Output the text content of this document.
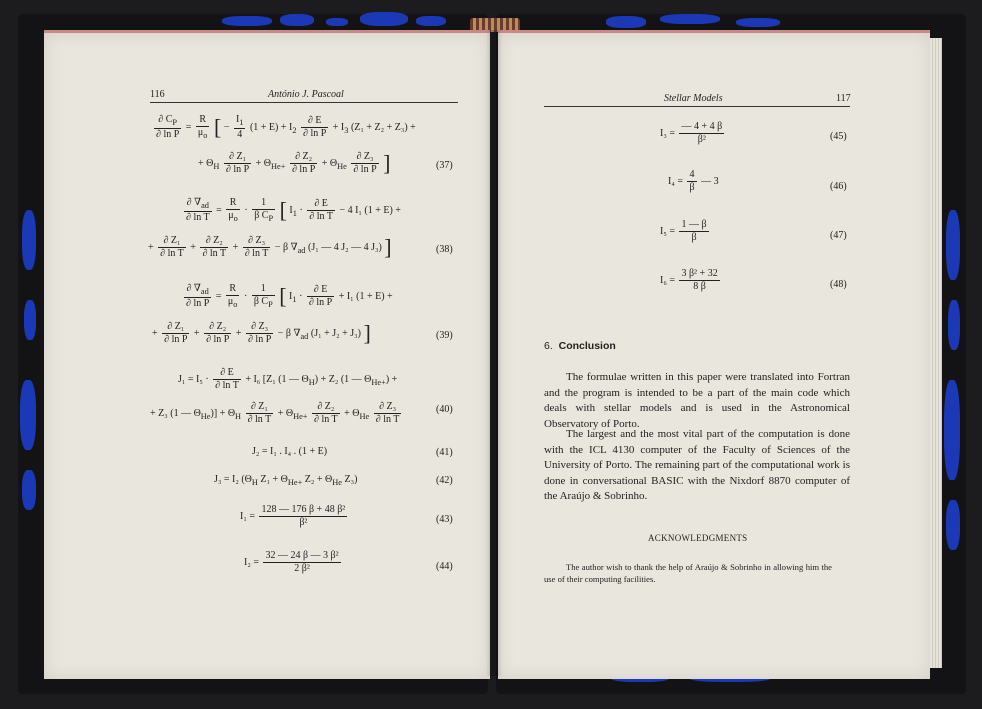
116	António J. Pascoal
$\frac{\partial C_P}{\text{∂ ln P}} = \frac{R}{\mu_o}$ [ − $\frac{I_1}{4} (1 + E) + I_2 \frac{\partial E}{\text{∂ ln P}} + I_3$ (Z₁ + Z₂ + Z₃) +
+ $\Theta_H \frac{\text{∂ Z₁}}{\text{∂ ln P}} + \Theta_{He+} \frac{\text{∂ Z₂}}{\text{∂ ln P}} + \Theta_{He} \frac{\text{∂ Z₃}}{\text{∂ ln P}}$ ]	(37)
$\frac{\partial \nabla_{ad}}{\text{∂ ln T}} = \frac{R}{\mu_o} \cdot \frac{1}{\beta C_P}$ [ $I_1 \cdot \frac{\partial E}{\text{∂ ln T}} - 4$ I₁ (1 + E) +
+ $\frac{\text{∂ Z₁}}{\text{∂ ln T}} + \frac{\text{∂ Z₂}}{\text{∂ ln T}} + \frac{\text{∂ Z₃}}{\text{∂ ln T}} - \beta$ $\nabla_{ad}$ (J₁ — 4 J₂ — 4 J₃) ]	(38)
$\frac{\partial \nabla_{ad}}{\text{∂ ln P}} = \frac{R}{\mu_o} \cdot \frac{1}{\beta C_P}$ [ $I_1 \cdot \frac{\partial E}{\text{∂ ln P}} + I_1$ (1 + E) +
+ $\frac{\text{∂ Z₁}}{\text{∂ ln P}} + \frac{\text{∂ Z₂}}{\text{∂ ln P}} + \frac{\text{∂ Z₃}}{\text{∂ ln P}} - \beta$ $\nabla_{ad}$ (J₁ + J₂ + J₃) ]	(39)
$J_1 = I_5 \cdot \frac{\partial E}{\text{∂ ln T}} + I_6$ [Z₁ (1 — $\Theta_H) + Z_2$ (1 — $\Theta_{He+}$) +
+ Z₃ (1 — $\Theta_{He})] + \Theta_H \frac{\text{∂ Z₁}}{\text{∂ ln T}} + \Theta_{He+} \frac{\text{∂ Z₂}}{\text{∂ ln T}} + \Theta_{He} \frac{\text{∂ Z₃}}{\text{∂ ln T}}$	(40)
J₂ = I₁ . I₄ . (1 + E)	(41)
J₃ = I₂ ($\Theta_H$ $Z_1 + \Theta_{He+}$ $Z_2 + \Theta_{He}$ Z₃)	(42)
$I_1 = \frac{\text{128 — 176 β + 48 β²}}{\text{β²}}$	(43)
$I_2 = \frac{\text{32 — 24 β — 3 β²}}{\text{2 β²}}$	(44)
Stellar Models	117
$I_3 = \frac{— 4 + 4 \beta}{\text{β²}}$	(45)
$I_4 = \frac{4}{\beta}$ — 3	(46)
$I_5 = \frac{1 — \beta}{\beta}$	(47)
$I_6 = \frac{\text{3 β² + 32}}{8 \beta}$	(48)
6. Conclusion
The formulae written in this paper were translated into Fortran and the program is intended to be a part of the main code which deals with stellar models and is used in the Astronomical Observatory of Porto.
The largest and the most vital part of the computation is done with the ICL 4130 computer of the Faculty of Sciences of the University of Porto. The remaining part of the computational work is done in conversational BASIC with the Nixdorf 8870 computer of the Araújo & Sobrinho.
ACKNOWLEDGMENTS
The author wish to thank the help of Araújo & Sobrinho in allowing him the use of their computing facilities.
